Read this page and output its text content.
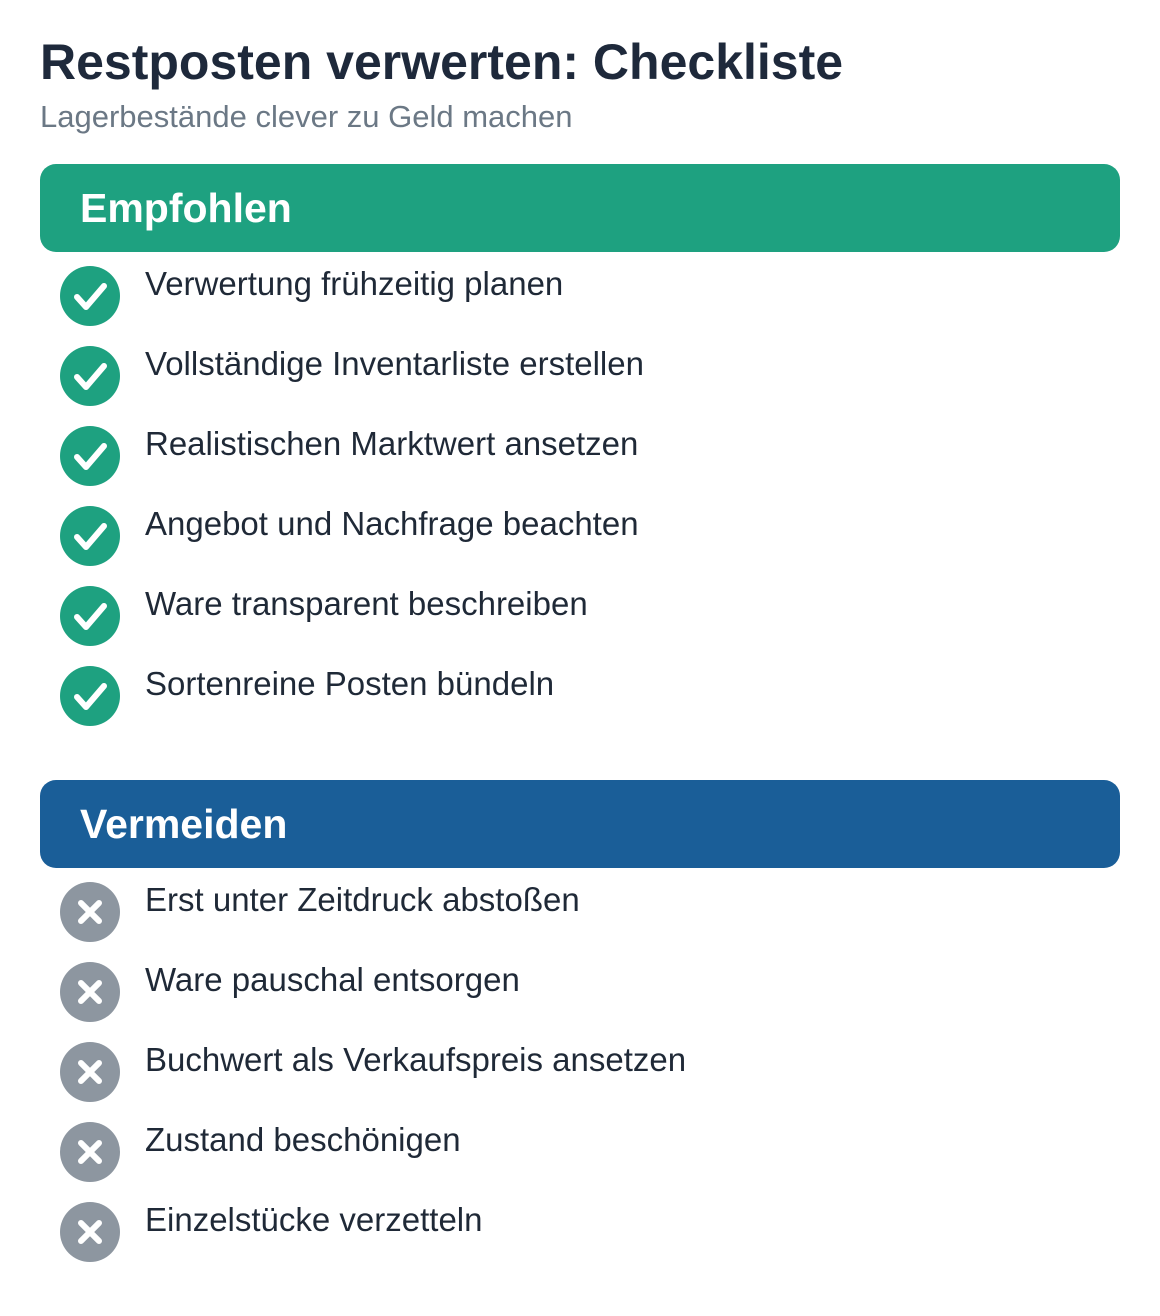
Restposten verwerten: Checkliste

Lagerbestände clever zu Geld machen

Empfohlen
Verwertung frühzeitig planen
Vollständige Inventarliste erstellen
Realistischen Marktwert ansetzen
Angebot und Nachfrage beachten
Ware transparent beschreiben
Sortenreine Posten bündeln
Vermeiden
Erst unter Zeitdruck abstoßen
Ware pauschal entsorgen
Buchwert als Verkaufspreis ansetzen
Zustand beschönigen
Einzelstücke verzetteln
